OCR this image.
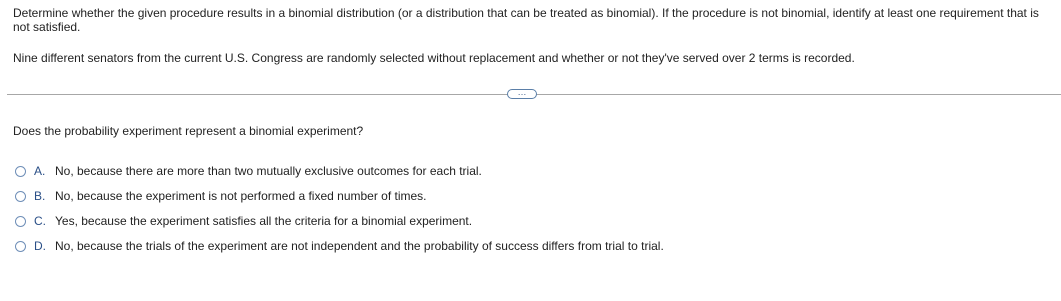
Determine whether the given procedure results in a binomial distribution (or a distribution that can be treated as binomial). If the procedure is not binomial, identify at least one requirement that is not satisfied.
Nine different senators from the current U.S. Congress are randomly selected without replacement and whether or not they've served over 2 terms is recorded.
…
Does the probability experiment represent a binomial experiment?
A. No, because there are more than two mutually exclusive outcomes for each trial.
B. No, because the experiment is not performed a fixed number of times.
C. Yes, because the experiment satisfies all the criteria for a binomial experiment.
D. No, because the trials of the experiment are not independent and the probability of success differs from trial to trial.
